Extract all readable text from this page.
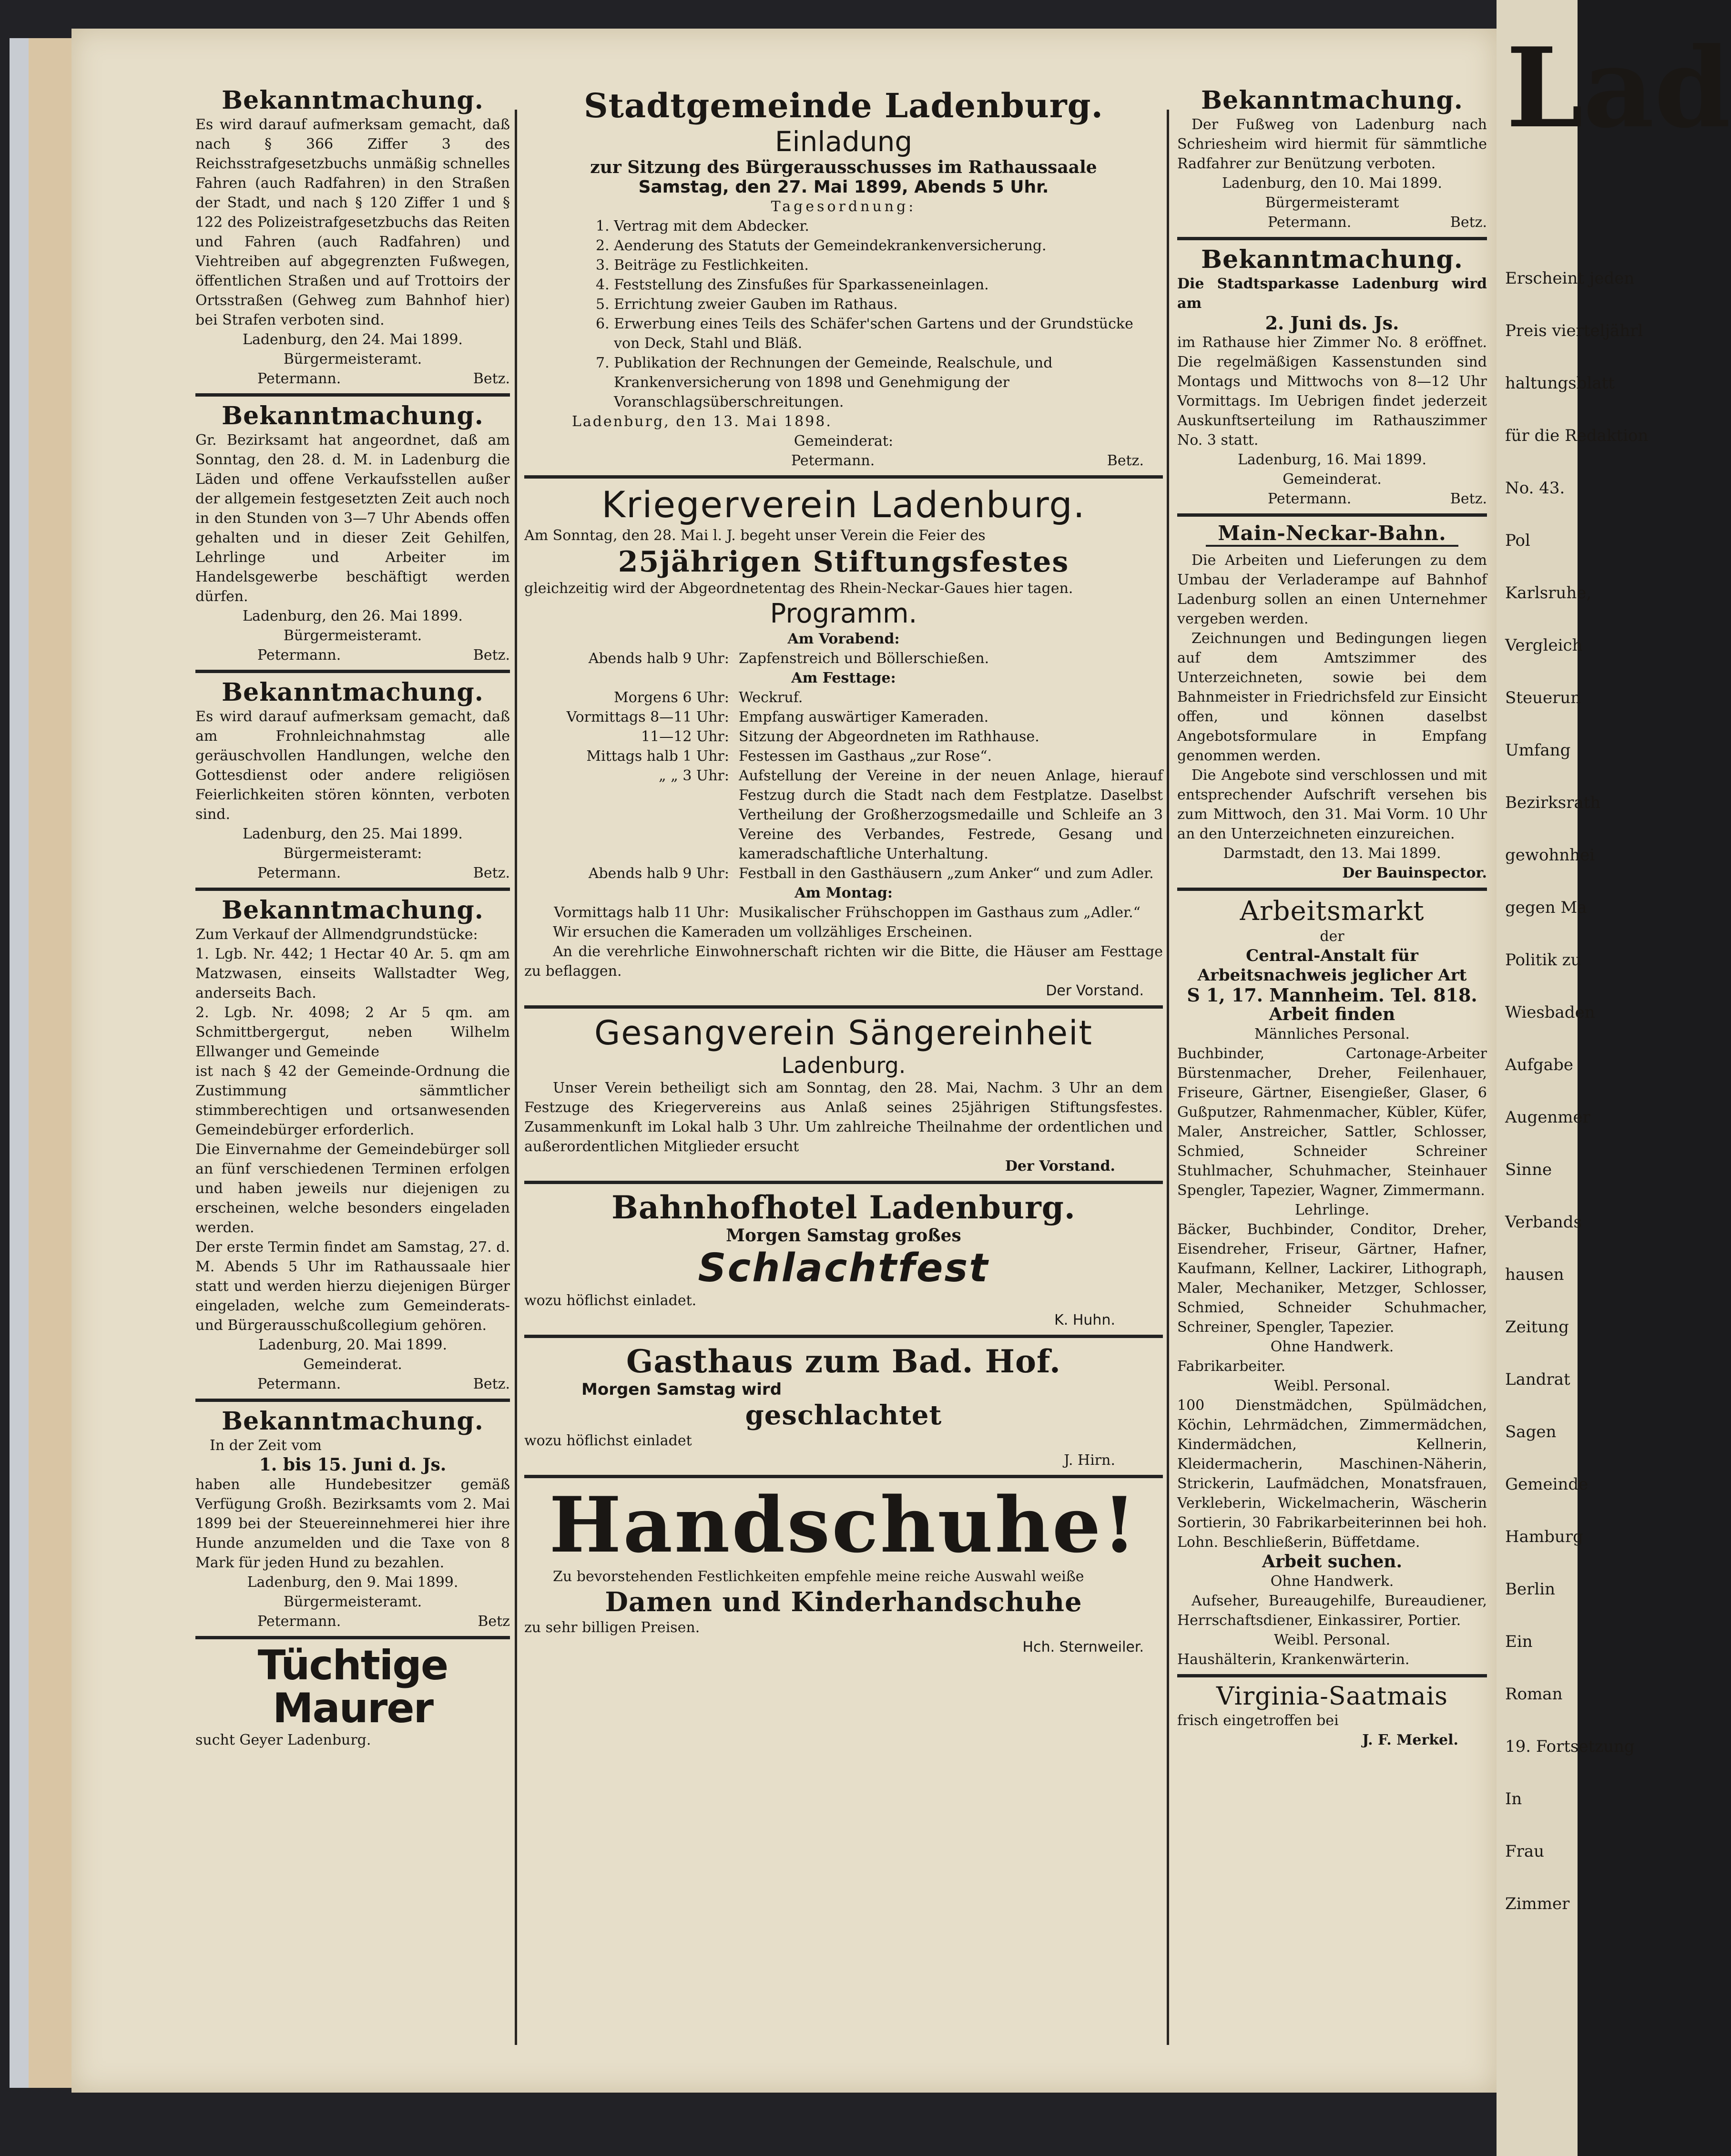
Bekanntmachung.
Es wird darauf aufmerksam gemacht, daß nach § 366 Ziffer 3 des Reichsstrafgesetzbuchs unmäßig schnelles Fahren (auch Radfahren) in den Straßen der Stadt, und nach § 120 Ziffer 1 und § 122 des Polizeistrafgesetzbuchs das Reiten und Fahren (auch Radfahren) und Viehtreiben auf abgegrenzten Fußwegen, öffentlichen Straßen und auf Trottoirs der Ortsstraßen (Gehweg zum Bahnhof hier) bei Strafen verboten sind.
Ladenburg, den 24. Mai 1899.
Bürgermeisteramt.
Petermann.	Betz.
Bekanntmachung.
Gr. Bezirksamt hat angeordnet, daß am Sonntag, den 28. d. M. in Ladenburg die Läden und offene Verkaufsstellen außer der allgemein festgesetzten Zeit auch noch in den Stunden von 3—7 Uhr Abends offen gehalten und in dieser Zeit Gehilfen, Lehrlinge und Arbeiter im Handelsgewerbe beschäftigt werden dürfen.
Ladenburg, den 26. Mai 1899.
Bürgermeisteramt.
Petermann.	Betz.
Bekanntmachung.
Es wird darauf aufmerksam gemacht, daß am Frohnleichnahmstag alle geräuschvollen Handlungen, welche den Gottesdienst oder andere religiösen Feierlichkeiten stören könnten, verboten sind.
Ladenburg, den 25. Mai 1899.
Bürgermeisteramt:
Petermann.	Betz.
Bekanntmachung.
Zum Verkauf der Allmendgrundstücke:
1. Lgb. Nr. 442; 1 Hectar 40 Ar. 5. qm am Matzwasen, einseits Wallstadter Weg, anderseits Bach.
2. Lgb. Nr. 4098; 2 Ar 5 qm. am Schmittbergergut, neben Wilhelm Ellwanger und Gemeinde
ist nach § 42 der Gemeinde-Ordnung die Zustimmung sämmtlicher stimmberechtigen und ortsanwesenden Gemeindebürger erforderlich.
Die Einvernahme der Gemeindebürger soll an fünf verschiedenen Terminen erfolgen und haben jeweils nur diejenigen zu erscheinen, welche besonders eingeladen werden.
Der erste Termin findet am Samstag, 27. d. M. Abends 5 Uhr im Rathaussaale hier statt und werden hierzu diejenigen Bürger eingeladen, welche zum Gemeinderats- und Bürgerausschußcollegium gehören.
Ladenburg, 20. Mai 1899.
Gemeinderat.
Petermann.	Betz.
Bekanntmachung.
In der Zeit vom
1. bis 15. Juni d. Js.
haben alle Hundebesitzer gemäß Verfügung Großh. Bezirksamts vom 2. Mai 1899 bei der Steuereinnehmerei hier ihre Hunde anzumelden und die Taxe von 8 Mark für jeden Hund zu bezahlen.
Ladenburg, den 9. Mai 1899.
Bürgermeisteramt.
Petermann.	Betz
Tüchtige Maurer
sucht Geyer Ladenburg.
Stadtgemeinde Ladenburg.
Einladung
zur Sitzung des Bürgerausschusses im Rathaussaale
Samstag, den 27. Mai 1899, Abends 5 Uhr.
Tagesordnung:
1. Vertrag mit dem Abdecker.
2. Aenderung des Statuts der Gemeindekrankenversicherung.
3. Beiträge zu Festlichkeiten.
4. Feststellung des Zinsfußes für Sparkasseneinlagen.
5. Errichtung zweier Gauben im Rathaus.
6. Erwerbung eines Teils des Schäfer'schen Gartens und der Grundstücke von Deck, Stahl und Bläß.
7. Publikation der Rechnungen der Gemeinde, Realschule, und Krankenversicherung von 1898 und Genehmigung der Voranschlagsüberschreitungen.
Ladenburg, den 13. Mai 1898.
Gemeinderat:
Petermann.	Betz.
Kriegerverein Ladenburg.
Am Sonntag, den 28. Mai l. J. begeht unser Verein die Feier des
25jährigen Stiftungsfestes
gleichzeitig wird der Abgeordnetentag des Rhein-Neckar-Gaues hier tagen.
Programm.
Am Vorabend:
Abends halb 9 Uhr: Zapfenstreich und Böllerschießen.
Am Festtage:
Morgens 6 Uhr: Weckruf.
Vormittags 8—11 Uhr: Empfang auswärtiger Kameraden.
11—12 Uhr: Sitzung der Abgeordneten im Rathhause.
Mittags halb 1 Uhr: Festessen im Gasthaus „zur Rose“.
„ „ 3 Uhr: Aufstellung der Vereine in der neuen Anlage, hierauf Festzug durch die Stadt nach dem Festplatze. Daselbst Vertheilung der Großherzogsmedaille und Schleife an 3 Vereine des Verbandes, Festrede, Gesang und kameradschaftliche Unterhaltung.
Abends halb 9 Uhr: Festball in den Gasthäusern „zum Anker“ und zum Adler.
Am Montag:
Vormittags halb 11 Uhr: Musikalischer Frühschoppen im Gasthaus zum „Adler.“
Wir ersuchen die Kameraden um vollzähliges Erscheinen.
An die verehrliche Einwohnerschaft richten wir die Bitte, die Häuser am Festtage zu beflaggen.
Der Vorstand.
Gesangverein Sängereinheit
Ladenburg.
Unser Verein betheiligt sich am Sonntag, den 28. Mai, Nachm. 3 Uhr an dem Festzuge des Kriegervereins aus Anlaß seines 25jährigen Stiftungsfestes. Zusammenkunft im Lokal halb 3 Uhr. Um zahlreiche Theilnahme der ordentlichen und außerordentlichen Mitglieder ersucht
Der Vorstand.
Bahnhofhotel Ladenburg.
Morgen Samstag großes
Schlachtfest
wozu höflichst einladet.
K. Huhn.
Gasthaus zum Bad. Hof.
Morgen Samstag wird
geschlachtet
wozu höflichst einladet
J. Hirn.
Handschuhe!
Zu bevorstehenden Festlichkeiten empfehle meine reiche Auswahl weiße
Damen und Kinderhandschuhe
zu sehr billigen Preisen.
Hch. Sternweiler.
Bekanntmachung.
Der Fußweg von Ladenburg nach Schriesheim wird hiermit für sämmtliche Radfahrer zur Benützung verboten.
Ladenburg, den 10. Mai 1899.
Bürgermeisteramt
Petermann.	Betz.
Bekanntmachung.
Die Stadtsparkasse Ladenburg wird am
2. Juni ds. Js.
im Rathause hier Zimmer No. 8 eröffnet. Die regelmäßigen Kassenstunden sind Montags und Mittwochs von 8—12 Uhr Vormittags. Im Uebrigen findet jederzeit Auskunftserteilung im Rathauszimmer No. 3 statt.
Ladenburg, 16. Mai 1899.
Gemeinderat.
Petermann.	Betz.
Main-Neckar-Bahn.
Die Arbeiten und Lieferungen zu dem Umbau der Verladerampe auf Bahnhof Ladenburg sollen an einen Unternehmer vergeben werden.
Zeichnungen und Bedingungen liegen auf dem Amtszimmer des Unterzeichneten, sowie bei dem Bahnmeister in Friedrichsfeld zur Einsicht offen, und können daselbst Angebotsformulare in Empfang genommen werden.
Die Angebote sind verschlossen und mit entsprechender Aufschrift versehen bis zum Mittwoch, den 31. Mai Vorm. 10 Uhr an den Unterzeichneten einzureichen.
Darmstadt, den 13. Mai 1899.
Der Bauinspector.
Arbeitsmarkt
der
Central-Anstalt für Arbeitsnachweis jeglicher Art
S 1, 17. Mannheim. Tel. 818.
Arbeit finden
Männliches Personal.
Buchbinder, Cartonage-Arbeiter Bürstenmacher, Dreher, Feilenhauer, Friseure, Gärtner, Eisengießer, Glaser, 6 Gußputzer, Rahmenmacher, Kübler, Küfer, Maler, Anstreicher, Sattler, Schlosser, Schmied, Schneider Schreiner Stuhlmacher, Schuhmacher, Steinhauer Spengler, Tapezier, Wagner, Zimmermann.
Lehrlinge.
Bäcker, Buchbinder, Conditor, Dreher, Eisendreher, Friseur, Gärtner, Hafner, Kaufmann, Kellner, Lackirer, Lithograph, Maler, Mechaniker, Metzger, Schlosser, Schmied, Schneider Schuhmacher, Schreiner, Spengler, Tapezier.
Ohne Handwerk.
Fabrikarbeiter.
Weibl. Personal.
100 Dienstmädchen, Spülmädchen, Köchin, Lehrmädchen, Zimmermädchen, Kindermädchen, Kellnerin, Kleidermacherin, Maschinen-Näherin, Strickerin, Laufmädchen, Monatsfrauen, Verkleberin, Wickelmacherin, Wäscherin Sortierin, 30 Fabrikarbeiterinnen bei hoh. Lohn. Beschließerin, Büffetdame.
Arbeit suchen.
Ohne Handwerk.
Aufseher, Bureaugehilfe, Bureaudiener, Herrschaftsdiener, Einkassirer, Portier.
Weibl. Personal.
Haushälterin, Krankenwärterin.
Virginia-Saatmais
frisch eingetroffen bei
J. F. Merkel.
Lad
Erscheint jeden
Preis vierteljährl
haltungsblatt
für die Redaktion
No. 43.
Pol
Karlsruhe,
Vergleich
Steuerun
Umfang
Bezirksrath
gewohnhei
gegen Ma
Politik zu
Wiesbaden
Aufgabe
Augenmer
Sinne
Verbands
hausen
Zeitung
Landrat
Sagen
Gemeinde
Hamburg
Berlin
Ein
Roman
19. Fortsetzung
In
Frau
Zimmer
